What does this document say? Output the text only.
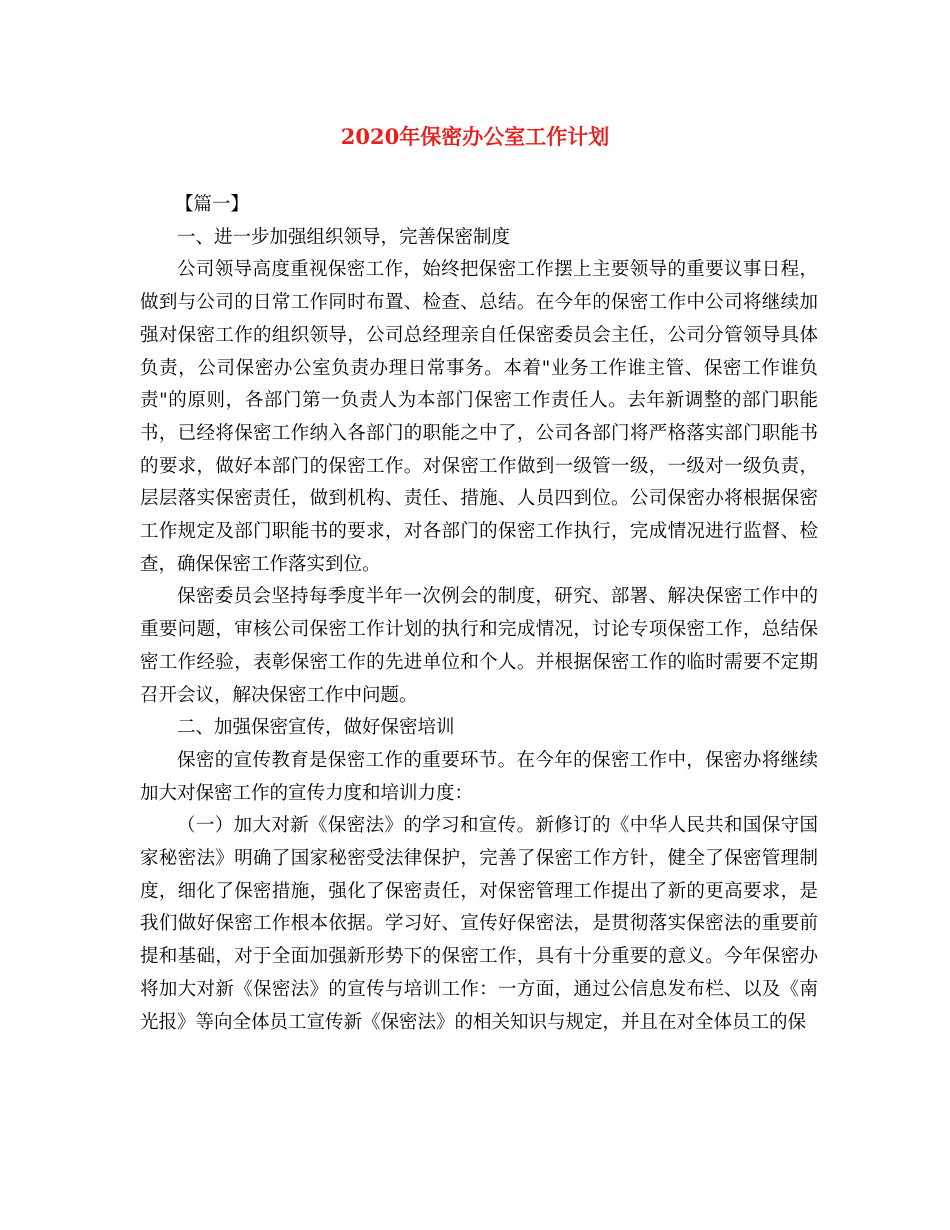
2020年保密办公室工作计划

【篇一】

一、进一步加强组织领导，完善保密制度

公司领导高度重视保密工作，始终把保密工作摆上主要领导的重要议事日程，做到与公司的日常工作同时布置、检查、总结。在今年的保密工作中公司将继续加强对保密工作的组织领导，公司总经理亲自任保密委员会主任，公司分管领导具体负责，公司保密办公室负责办理日常事务。本着"业务工作谁主管、保密工作谁负责"的原则，各部门第一负责人为本部门保密工作责任人。去年新调整的部门职能书，已经将保密工作纳入各部门的职能之中了，公司各部门将严格落实部门职能书的要求，做好本部门的保密工作。对保密工作做到一级管一级，一级对一级负责，层层落实保密责任，做到机构、责任、措施、人员四到位。公司保密办将根据保密工作规定及部门职能书的要求，对各部门的保密工作执行，完成情况进行监督、检查，确保保密工作落实到位。

保密委员会坚持每季度半年一次例会的制度，研究、部署、解决保密工作中的重要问题，审核公司保密工作计划的执行和完成情况，讨论专项保密工作，总结保密工作经验，表彰保密工作的先进单位和个人。并根据保密工作的临时需要不定期召开会议，解决保密工作中问题。

二、加强保密宣传，做好保密培训

保密的宣传教育是保密工作的重要环节。在今年的保密工作中，保密办将继续加大对保密工作的宣传力度和培训力度：

（一）加大对新《保密法》的学习和宣传。新修订的《中华人民共和国保守国家秘密法》明确了国家秘密受法律保护，完善了保密工作方针，健全了保密管理制度，细化了保密措施，强化了保密责任，对保密管理工作提出了新的更高要求，是我们做好保密工作根本依据。学习好、宣传好保密法，是贯彻落实保密法的重要前提和基础，对于全面加强新形势下的保密工作，具有十分重要的意义。今年保密办将加大对新《保密法》的宣传与培训工作：一方面，通过公信息发布栏、以及《南光报》等向全体员工宣传新《保密法》的相关知识与规定，并且在对全体员工的保
